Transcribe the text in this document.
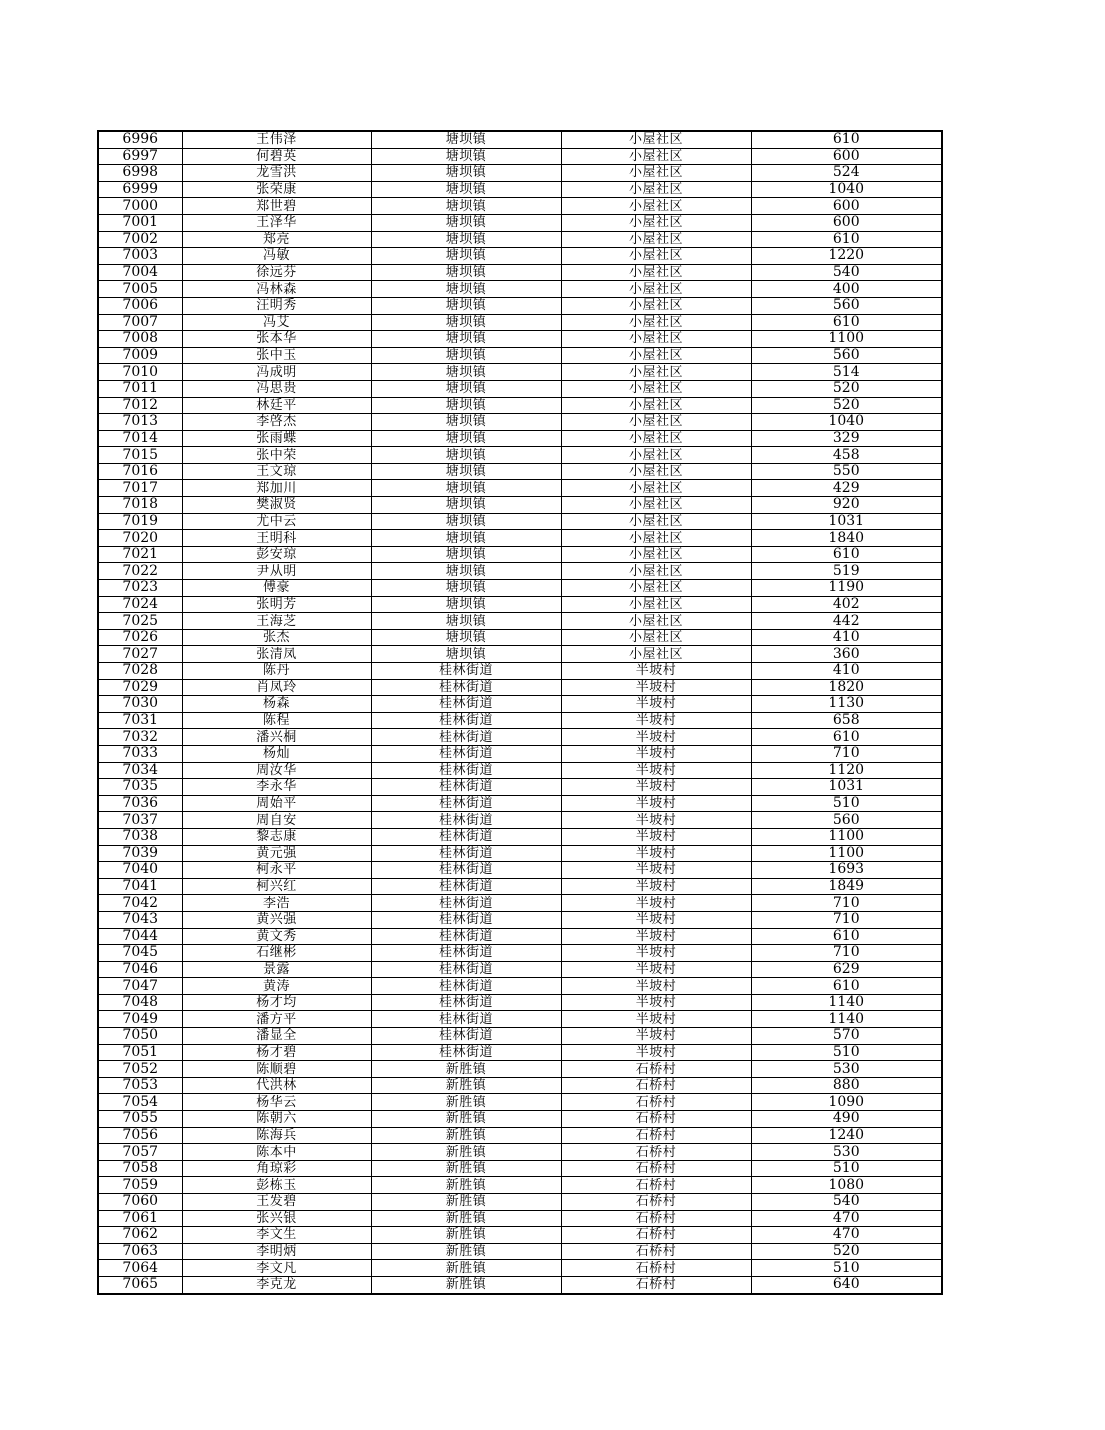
6996	王伟泽	塘坝镇	小屋社区	610
6997	何碧英	塘坝镇	小屋社区	600
6998	龙雪洪	塘坝镇	小屋社区	524
6999	张荣康	塘坝镇	小屋社区	1040
7000	郑世碧	塘坝镇	小屋社区	600
7001	王泽华	塘坝镇	小屋社区	600
7002	郑亮	塘坝镇	小屋社区	610
7003	冯敏	塘坝镇	小屋社区	1220
7004	徐远芬	塘坝镇	小屋社区	540
7005	冯林森	塘坝镇	小屋社区	400
7006	汪明秀	塘坝镇	小屋社区	560
7007	冯艾	塘坝镇	小屋社区	610
7008	张本华	塘坝镇	小屋社区	1100
7009	张中玉	塘坝镇	小屋社区	560
7010	冯成明	塘坝镇	小屋社区	514
7011	冯思贵	塘坝镇	小屋社区	520
7012	林廷平	塘坝镇	小屋社区	520
7013	李啓杰	塘坝镇	小屋社区	1040
7014	张雨蝶	塘坝镇	小屋社区	329
7015	张中荣	塘坝镇	小屋社区	458
7016	王文琼	塘坝镇	小屋社区	550
7017	郑加川	塘坝镇	小屋社区	429
7018	樊淑贤	塘坝镇	小屋社区	920
7019	尤中云	塘坝镇	小屋社区	1031
7020	王明科	塘坝镇	小屋社区	1840
7021	彭安琼	塘坝镇	小屋社区	610
7022	尹从明	塘坝镇	小屋社区	519
7023	傅豪	塘坝镇	小屋社区	1190
7024	张明芳	塘坝镇	小屋社区	402
7025	王海芝	塘坝镇	小屋社区	442
7026	张杰	塘坝镇	小屋社区	410
7027	张清凤	塘坝镇	小屋社区	360
7028	陈丹	桂林街道	半坡村	410
7029	肖凤玲	桂林街道	半坡村	1820
7030	杨森	桂林街道	半坡村	1130
7031	陈程	桂林街道	半坡村	658
7032	潘兴桐	桂林街道	半坡村	610
7033	杨灿	桂林街道	半坡村	710
7034	周汝华	桂林街道	半坡村	1120
7035	李永华	桂林街道	半坡村	1031
7036	周始平	桂林街道	半坡村	510
7037	周自安	桂林街道	半坡村	560
7038	黎志康	桂林街道	半坡村	1100
7039	黄元强	桂林街道	半坡村	1100
7040	柯永平	桂林街道	半坡村	1693
7041	柯兴红	桂林街道	半坡村	1849
7042	李浩	桂林街道	半坡村	710
7043	黄兴强	桂林街道	半坡村	710
7044	黄文秀	桂林街道	半坡村	610
7045	石继彬	桂林街道	半坡村	710
7046	景露	桂林街道	半坡村	629
7047	黄涛	桂林街道	半坡村	610
7048	杨才均	桂林街道	半坡村	1140
7049	潘方平	桂林街道	半坡村	1140
7050	潘显全	桂林街道	半坡村	570
7051	杨才碧	桂林街道	半坡村	510
7052	陈顺碧	新胜镇	石桥村	530
7053	代洪林	新胜镇	石桥村	880
7054	杨华云	新胜镇	石桥村	1090
7055	陈朝六	新胜镇	石桥村	490
7056	陈海兵	新胜镇	石桥村	1240
7057	陈本中	新胜镇	石桥村	530
7058	角琼彩	新胜镇	石桥村	510
7059	彭栋玉	新胜镇	石桥村	1080
7060	王发碧	新胜镇	石桥村	540
7061	张兴银	新胜镇	石桥村	470
7062	李文生	新胜镇	石桥村	470
7063	李明炳	新胜镇	石桥村	520
7064	李文凡	新胜镇	石桥村	510
7065	李克龙	新胜镇	石桥村	640
